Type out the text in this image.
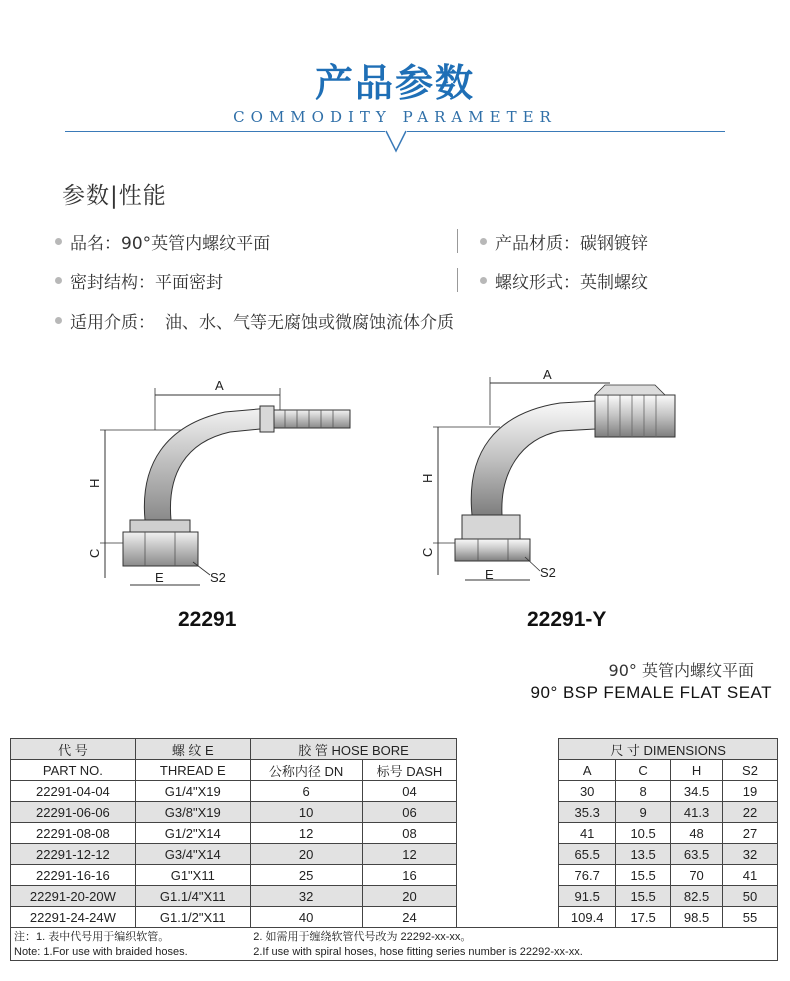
产品参数
COMMODITY PARAMETER
参数|性能
品名： 90°英管内螺纹平面	产品材质： 碳钢镀锌
密封结构： 平面密封	螺纹形式： 英制螺纹
适用介质： 油、水、气等无腐蚀或微腐蚀流体介质
A
H
C
E	S2
22291
A
H
C
E	S2
22291-Y
90° 英管内螺纹平面
90° BSP FEMALE FLAT SEAT
代 号	螺 纹 E	胶 管 HOSE BORE			尺 寸 DIMENSIONS			
PART NO.	THREAD E	公称内径 DN	标号 DASH		A	C	H	S2
22291-04-04	G1/4"X19	6	04		30	8	34.5	19
22291-06-06	G3/8"X19	10	06		35.3	9	41.3	22
22291-08-08	G1/2"X14	12	08		41	10.5	48	27
22291-12-12	G3/4"X14	20	12		65.5	13.5	63.5	32
22291-16-16	G1"X11	25	16		76.7	15.5	70	41
22291-20-20W	G1.1/4"X11	32	20		91.5	15.5	82.5	50
22291-24-24W	G1.1/2"X11	40	24		109.4	17.5	98.5	55
注：1. 表中代号用于编织软管。		2. 如需用于缠绕软管代号改为 22292-xx-xx。						
Note: 1.For use with braided hoses.		2.If use with spiral hoses, hose fitting series number is 22292-xx-xx.						
